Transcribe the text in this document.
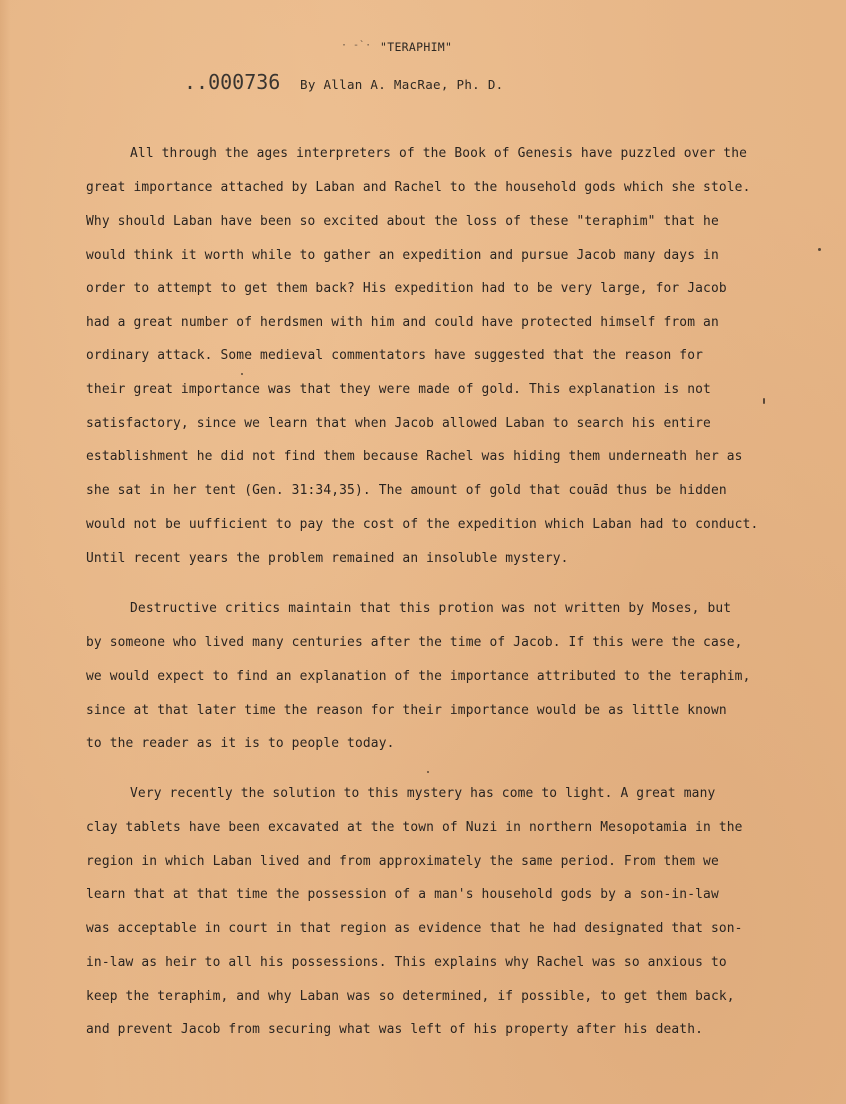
· -`· "TERAPHIM"
..000736 By Allan A. MacRae, Ph. D.
All through the ages interpreters of the Book of Genesis have puzzled over the
great importance attached by Laban and Rachel to the household gods which she stole.
Why should Laban have been so excited about the loss of these "teraphim" that he
would think it worth while to gather an expedition and pursue Jacob many days in
order to attempt to get them back? His expedition had to be very large, for Jacob
had a great number of herdsmen with him and could have protected himself from an
ordinary attack. Some medieval commentators have suggested that the reason for
their great importance was that they were made of gold. This explanation is not
satisfactory, since we learn that when Jacob allowed Laban to search his entire
establishment he did not find them because Rachel was hiding them underneath her as
she sat in her tent (Gen. 31:34,35). The amount of gold that couād thus be hidden
would not be uufficient to pay the cost of the expedition which Laban had to conduct.
Until recent years the problem remained an insoluble mystery.
Destructive critics maintain that this protion was not written by Moses, but
by someone who lived many centuries after the time of Jacob. If this were the case,
we would expect to find an explanation of the importance attributed to the teraphim,
since at that later time the reason for their importance would be as little known
to the reader as it is to people today.
Very recently the solution to this mystery has come to light. A great many
clay tablets have been excavated at the town of Nuzi in northern Mesopotamia in the
region in which Laban lived and from approximately the same period. From them we
learn that at that time the possession of a man's household gods by a son-in-law
was acceptable in court in that region as evidence that he had designated that son-
in-law as heir to all his possessions. This explains why Rachel was so anxious to
keep the teraphim, and why Laban was so determined, if possible, to get them back,
and prevent Jacob from securing what was left of his property after his death.
